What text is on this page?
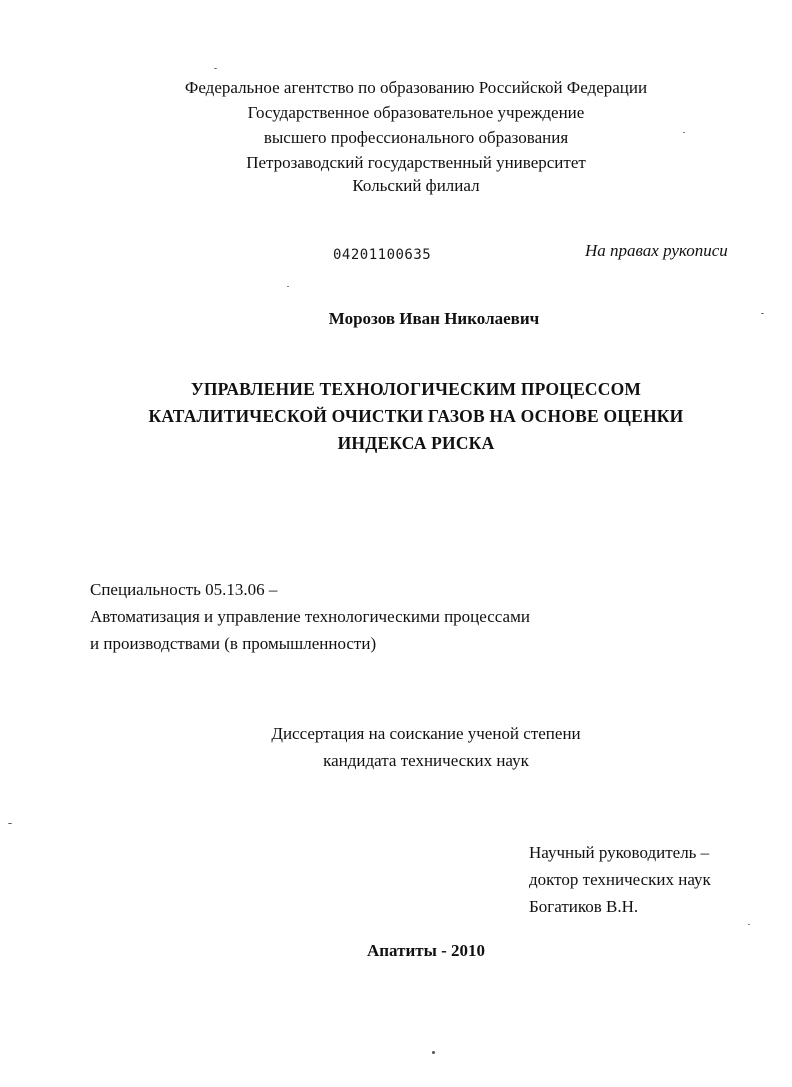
Федеральное агентство по образованию Российской Федерации
Государственное образовательное учреждение
высшего профессионального образования
Петрозаводский государственный университет
Кольский филиал
04201100635	На правах рукописи
Морозов Иван Николаевич
УПРАВЛЕНИЕ ТЕХНОЛОГИЧЕСКИМ ПРОЦЕССОМ
КАТАЛИТИЧЕСКОЙ ОЧИСТКИ ГАЗОВ НА ОСНОВЕ ОЦЕНКИ
ИНДЕКСА РИСКА
Специальность 05.13.06 –
Автоматизация и управление технологическими процессами
и производствами (в промышленности)
Диссертация на соискание ученой степени
кандидата технических наук
Научный руководитель –
доктор технических наук
Богатиков В.Н.
Апатиты - 2010
